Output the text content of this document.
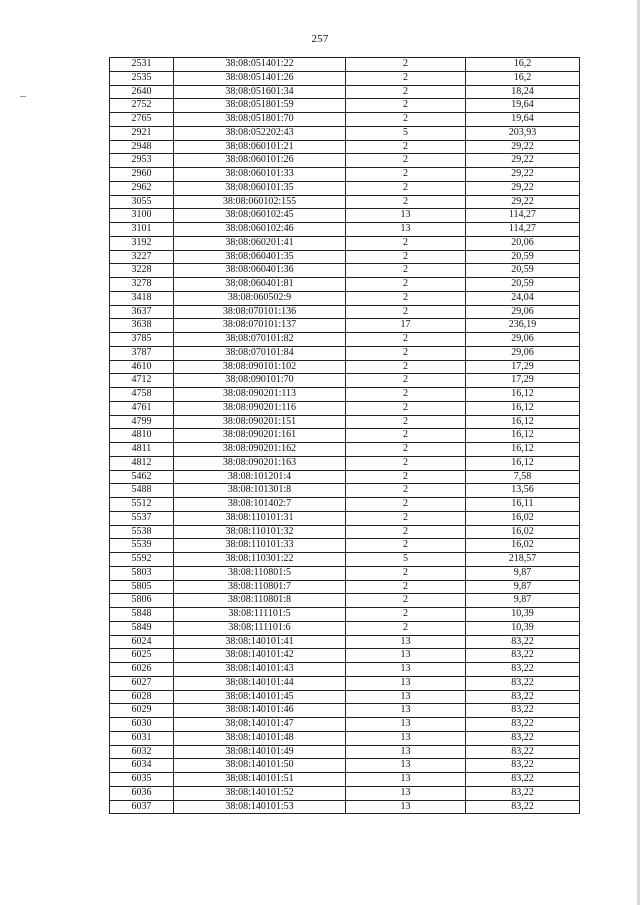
257
2531	38:08:051401:22	2	16,2
2535	38:08:051401:26	2	16,2
2640	38:08:051601:34	2	18,24
2752	38:08:051801:59	2	19,64
2765	38:08:051801:70	2	19,64
2921	38:08:052202:43	5	203,93
2948	38:08:060101:21	2	29,22
2953	38:08:060101:26	2	29,22
2960	38:08:060101:33	2	29,22
2962	38:08:060101:35	2	29,22
3055	38:08:060102:155	2	29,22
3100	38:08:060102:45	13	114,27
3101	38:08:060102:46	13	114,27
3192	38:08:060201:41	2	20,06
3227	38:08:060401:35	2	20,59
3228	38:08:060401:36	2	20,59
3278	38:08:060401:81	2	20,59
3418	38:08:060502:9	2	24,04
3637	38:08:070101:136	2	29,06
3638	38:08:070101:137	17	236,19
3785	38:08:070101:82	2	29,06
3787	38:08:070101:84	2	29,06
4610	38:08:090101:102	2	17,29
4712	38:08:090101:70	2	17,29
4758	38:08:090201:113	2	16,12
4761	38:08:090201:116	2	16,12
4799	38:08:090201:151	2	16,12
4810	38:08:090201:161	2	16,12
4811	38:08:090201:162	2	16,12
4812	38:08:090201:163	2	16,12
5462	38:08:101201:4	2	7,58
5488	38:08:101301:8	2	13,56
5512	38:08:101402:7	2	16,11
5537	38:08:110101:31	2	16,02
5538	38:08:110101:32	2	16,02
5539	38:08:110101:33	2	16,02
5592	38:08:110301:22	5	218,57
5803	38:08:110801:5	2	9,87
5805	38:08:110801:7	2	9,87
5806	38:08:110801:8	2	9,87
5848	38:08:111101:5	2	10,39
5849	38:08:111101:6	2	10,39
6024	38:08:140101:41	13	83,22
6025	38:08:140101:42	13	83,22
6026	38:08:140101:43	13	83,22
6027	38:08:140101:44	13	83,22
6028	38:08:140101:45	13	83,22
6029	38:08:140101:46	13	83,22
6030	38:08:140101:47	13	83,22
6031	38:08:140101:48	13	83,22
6032	38:08:140101:49	13	83,22
6034	38:08:140101:50	13	83,22
6035	38:08:140101:51	13	83,22
6036	38:08:140101:52	13	83,22
6037	38:08:140101:53	13	83,22
